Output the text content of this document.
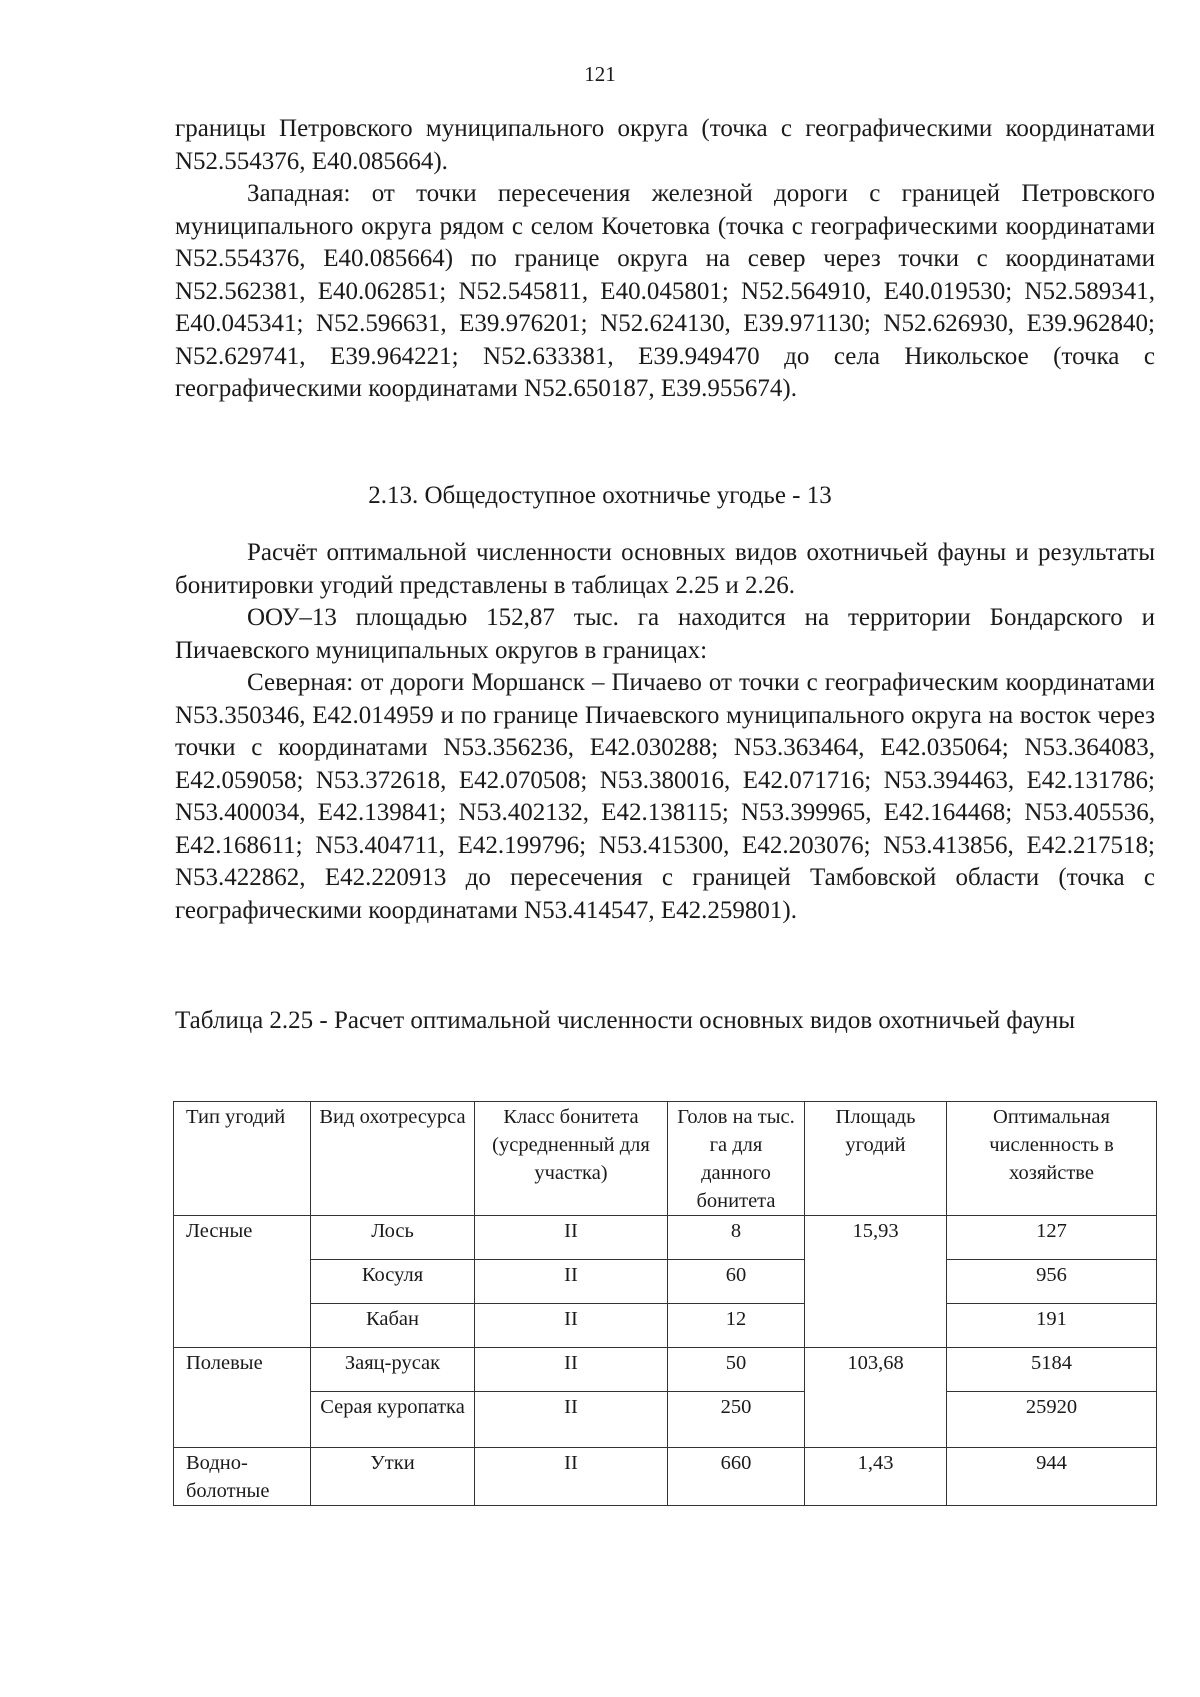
121

границы Петровского муниципального округа (точка с географическими координатами N52.554376, E40.085664).

Западная: от точки пересечения железной дороги с границей Петровского муниципального округа рядом с селом Кочетовка (точка с географическими координатами N52.554376, E40.085664) по границе округа на север через точки с координатами N52.562381, E40.062851; N52.545811, E40.045801; N52.564910, E40.019530; N52.589341, E40.045341; N52.596631, E39.976201; N52.624130, E39.971130; N52.626930, E39.962840; N52.629741, E39.964221; N52.633381, E39.949470 до села Никольское (точка с географическими координатами N52.650187, E39.955674).

2.13. Общедоступное охотничье угодье - 13

Расчёт оптимальной численности основных видов охотничьей фауны и результаты бонитировки угодий представлены в таблицах 2.25 и 2.26.

ООУ–13 площадью 152,87 тыс. га находится на территории Бондарского и Пичаевского муниципальных округов в границах:

Северная: от дороги Моршанск – Пичаево от точки с географическим координатами N53.350346, E42.014959 и по границе Пичаевского муниципального округа на восток через точки с координатами N53.356236, E42.030288; N53.363464, E42.035064; N53.364083, E42.059058; N53.372618, E42.070508; N53.380016, E42.071716; N53.394463, E42.131786; N53.400034, E42.139841; N53.402132, E42.138115; N53.399965, E42.164468; N53.405536, E42.168611; N53.404711, E42.199796; N53.415300, E42.203076; N53.413856, E42.217518; N53.422862, E42.220913 до пересечения с границей Тамбовской области (точка с географическими координатами N53.414547, E42.259801).

Таблица 2.25 - Расчет оптимальной численности основных видов охотничьей фауны

Тип угодий	Вид охотресурса	Класс бонитета (усредненный для участка)	Голов на тыс. га для данного бонитета	Площадь угодий	Оптимальная численность в хозяйстве
Лесные	Лось	II	8	15,93	127
	Косуля	II	60		956
	Кабан	II	12		191
Полевые	Заяц-русак	II	50	103,68	5184
	Серая куропатка	II	250		25920
Водно-болотные	Утки	II	660	1,43	944
